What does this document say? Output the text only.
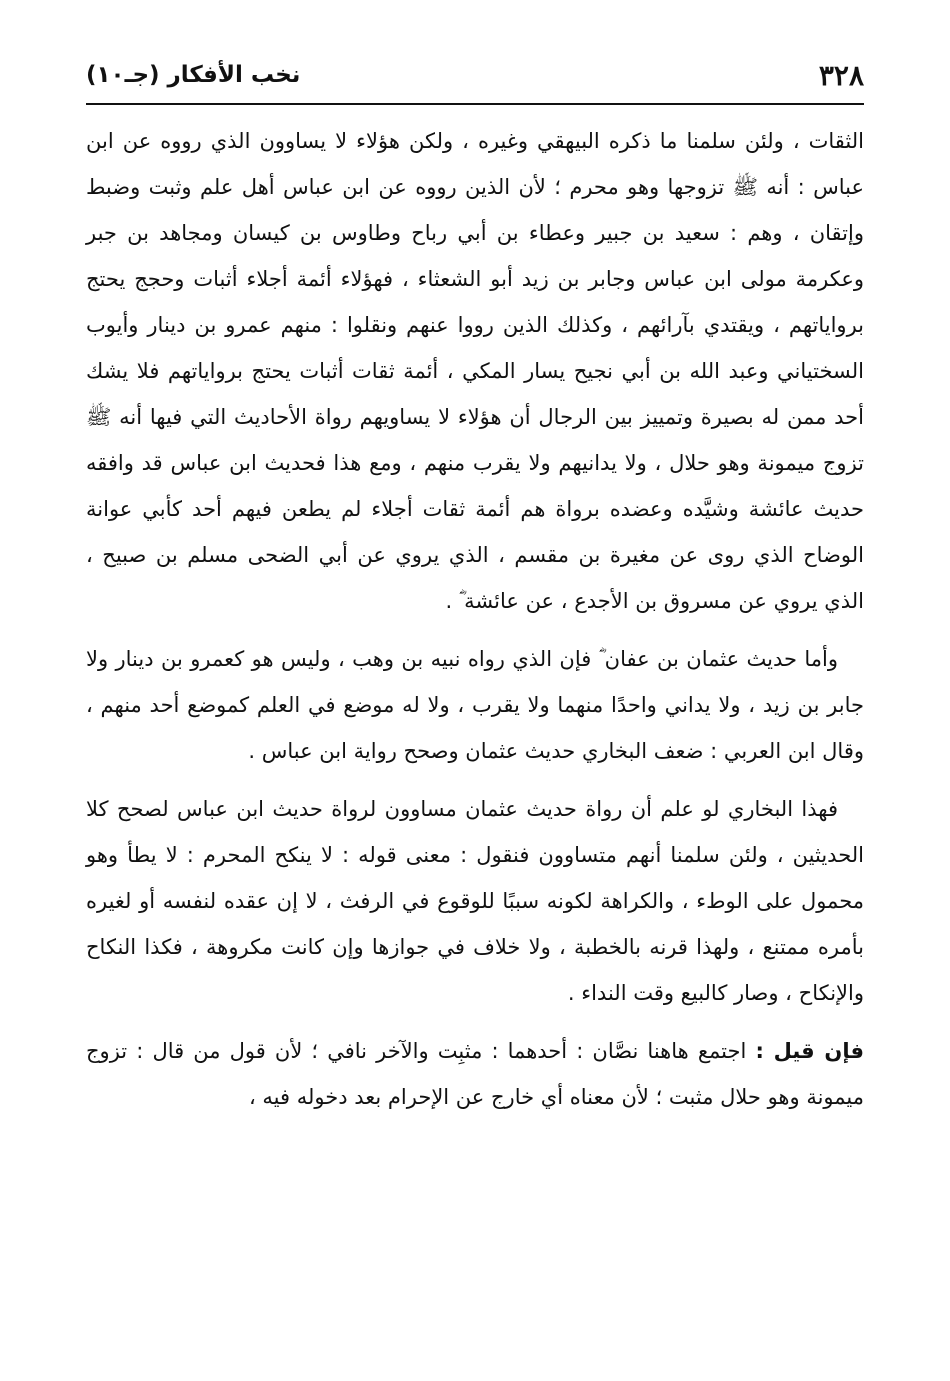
٣٢٨
نخب الأفكار (جـ١٠)

الثقات ، ولئن سلمنا ما ذكره البيهقي وغيره ، ولكن هؤلاء لا يساوون الذي رووه عن ابن عباس : أنه ﷺ تزوجها وهو محرم ؛ لأن الذين رووه عن ابن عباس أهل علم وثبت وضبط وإتقان ، وهم : سعيد بن جبير وعطاء بن أبي رباح وطاوس بن كيسان ومجاهد بن جبر وعكرمة مولى ابن عباس وجابر بن زيد أبو الشعثاء ، فهؤلاء أئمة أجلاء أثبات وحجج يحتج برواياتهم ، ويقتدي بآرائهم ، وكذلك الذين رووا عنهم ونقلوا : منهم عمرو بن دينار وأيوب السختياني وعبد الله بن أبي نجيح يسار المكي ، أئمة ثقات أثبات يحتج برواياتهم فلا يشك أحد ممن له بصيرة وتمييز بين الرجال أن هؤلاء لا يساويهم رواة الأحاديث التي فيها أنه ﷺ تزوج ميمونة وهو حلال ، ولا يدانيهم ولا يقرب منهم ، ومع هذا فحديث ابن عباس قد وافقه حديث عائشة وشيَّده وعضده برواة هم أئمة ثقات أجلاء لم يطعن فيهم أحد كأبي عوانة الوضاح الذي روى عن مغيرة بن مقسم ، الذي يروي عن أبي الضحى مسلم بن صبيح ، الذي يروي عن مسروق بن الأجدع ، عن عائشة ؓ .

وأما حديث عثمان بن عفان ؓ فإن الذي رواه نبيه بن وهب ، وليس هو كعمرو بن دينار ولا جابر بن زيد ، ولا يداني واحدًا منهما ولا يقرب ، ولا له موضع في العلم كموضع أحد منهم ، وقال ابن العربي : ضعف البخاري حديث عثمان وصحح رواية ابن عباس .

فهذا البخاري لو علم أن رواة حديث عثمان مساوون لرواة حديث ابن عباس لصحح كلا الحديثين ، ولئن سلمنا أنهم متساوون فنقول : معنى قوله : لا ينكح المحرم : لا يطأ وهو محمول على الوطء ، والكراهة لكونه سببًا للوقوع في الرفث ، لا إن عقده لنفسه أو لغيره بأمره ممتنع ، ولهذا قرنه بالخطبة ، ولا خلاف في جوازها وإن كانت مكروهة ، فكذا النكاح والإنكاح ، وصار كالبيع وقت النداء .

فإن قيل : اجتمع هاهنا نصَّان : أحدهما : مثبِت والآخر نافي ؛ لأن قول من قال : تزوج ميمونة وهو حلال مثبت ؛ لأن معناه أي خارج عن الإحرام بعد دخوله فيه ،
